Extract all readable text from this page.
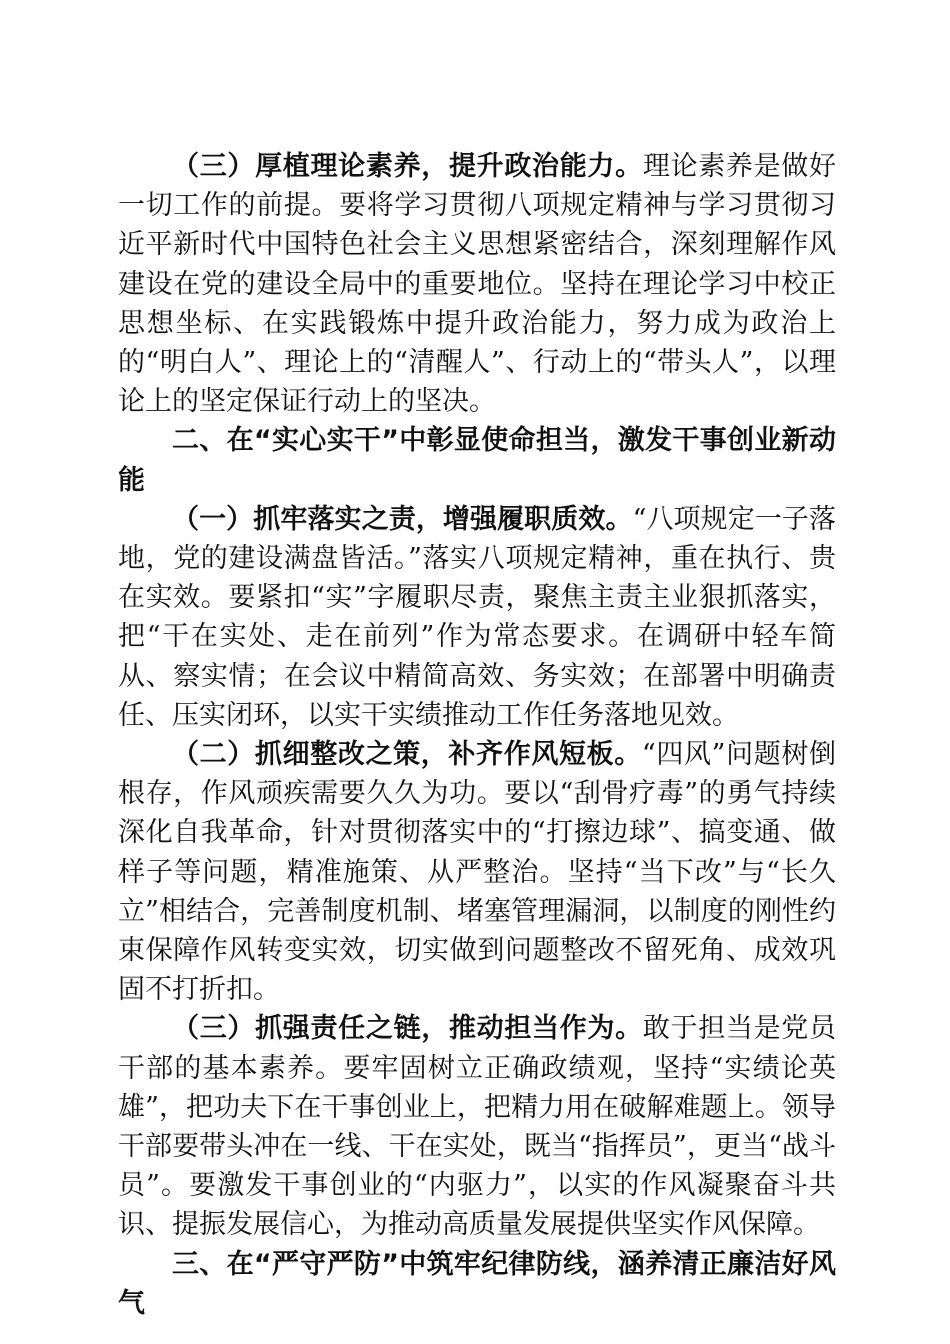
（三）厚植理论素养，提升政治能力。理论素养是做好一切工作的前提。要将学习贯彻八项规定精神与学习贯彻习近平新时代中国特色社会主义思想紧密结合，深刻理解作风建设在党的建设全局中的重要地位。坚持在理论学习中校正思想坐标、在实践锻炼中提升政治能力，努力成为政治上的“明白人”、理论上的“清醒人”、行动上的“带头人”，以理论上的坚定保证行动上的坚决。

二、在“实心实干”中彰显使命担当，激发干事创业新动能

（一）抓牢落实之责，增强履职质效。“八项规定一子落地，党的建设满盘皆活。”落实八项规定精神，重在执行、贵在实效。要紧扣“实”字履职尽责，聚焦主责主业狠抓落实，把“干在实处、走在前列”作为常态要求。在调研中轻车简从、察实情；在会议中精简高效、务实效；在部署中明确责任、压实闭环，以实干实绩推动工作任务落地见效。

（二）抓细整改之策，补齐作风短板。“四风”问题树倒根存，作风顽疾需要久久为功。要以“刮骨疗毒”的勇气持续深化自我革命，针对贯彻落实中的“打擦边球”、搞变通、做样子等问题，精准施策、从严整治。坚持“当下改”与“长久立”相结合，完善制度机制、堵塞管理漏洞，以制度的刚性约束保障作风转变实效，切实做到问题整改不留死角、成效巩固不打折扣。

（三）抓强责任之链，推动担当作为。敢于担当是党员干部的基本素养。要牢固树立正确政绩观，坚持“实绩论英雄”，把功夫下在干事创业上，把精力用在破解难题上。领导干部要带头冲在一线、干在实处，既当“指挥员”，更当“战斗员”。要激发干事创业的“内驱力”，以实的作风凝聚奋斗共识、提振发展信心，为推动高质量发展提供坚实作风保障。

三、在“严守严防”中筑牢纪律防线，涵养清正廉洁好风气
